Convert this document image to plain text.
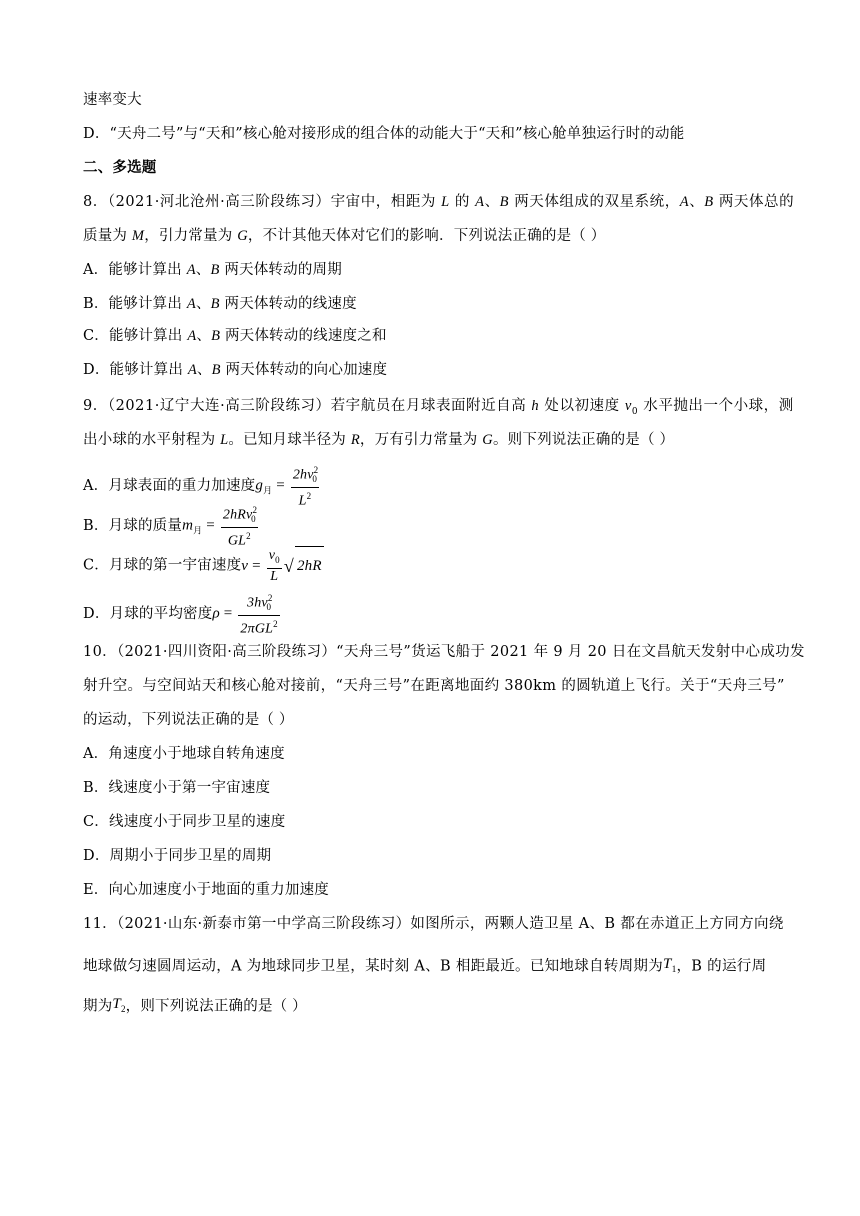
速率变大
D．“天舟二号”与“天和”核心舱对接形成的组合体的动能大于“天和”核心舱单独运行时的动能
二、多选题
8．（2021·河北沧州·高三阶段练习）宇宙中，相距为 L 的 A、B 两天体组成的双星系统，A、B 两天体总的
质量为 M，引力常量为 G，不计其他天体对它们的影响．下列说法正确的是（ ）
A．能够计算出 A、B 两天体转动的周期
B．能够计算出 A、B 两天体转动的线速度
C．能够计算出 A、B 两天体转动的线速度之和
D．能够计算出 A、B 两天体转动的向心加速度
9．（2021·辽宁大连·高三阶段练习）若宇航员在月球表面附近自高 h 处以初速度 $v_0$ 水平抛出一个小球，测
出小球的水平射程为 L。已知月球半径为 R，万有引力常量为 G。则下列说法正确的是（ ）
A．月球表面的重力加速度$g_月 = \frac{2hv^2_0}{L^2}$
B．月球的质量$m_月 = \frac{2hRv^2_0}{GL^2}$
C．月球的第一宇宙速度$v = \frac{v_0}{L}$ √ 2hR
D．月球的平均密度$\rho = \frac{3hv^2_0}{2\pi GL^2}$
10．（2021·四川资阳·高三阶段练习）“天舟三号”货运飞船于 2021 年 9 月 20 日在文昌航天发射中心成功发
射升空。与空间站天和核心舱对接前，“天舟三号”在距离地面约 380km 的圆轨道上飞行。关于“天舟三号”
的运动，下列说法正确的是（ ）
A．角速度小于地球自转角速度
B．线速度小于第一宇宙速度
C．线速度小于同步卫星的速度
D．周期小于同步卫星的周期
E．向心加速度小于地面的重力加速度
11．（2021·山东·新泰市第一中学高三阶段练习）如图所示，两颗人造卫星 A、B 都在赤道正上方同方向绕
地球做匀速圆周运动，A 为地球同步卫星，某时刻 A、B 相距最近。已知地球自转周期为$T_1$，B 的运行周
期为$T_2$，则下列说法正确的是（ ）
